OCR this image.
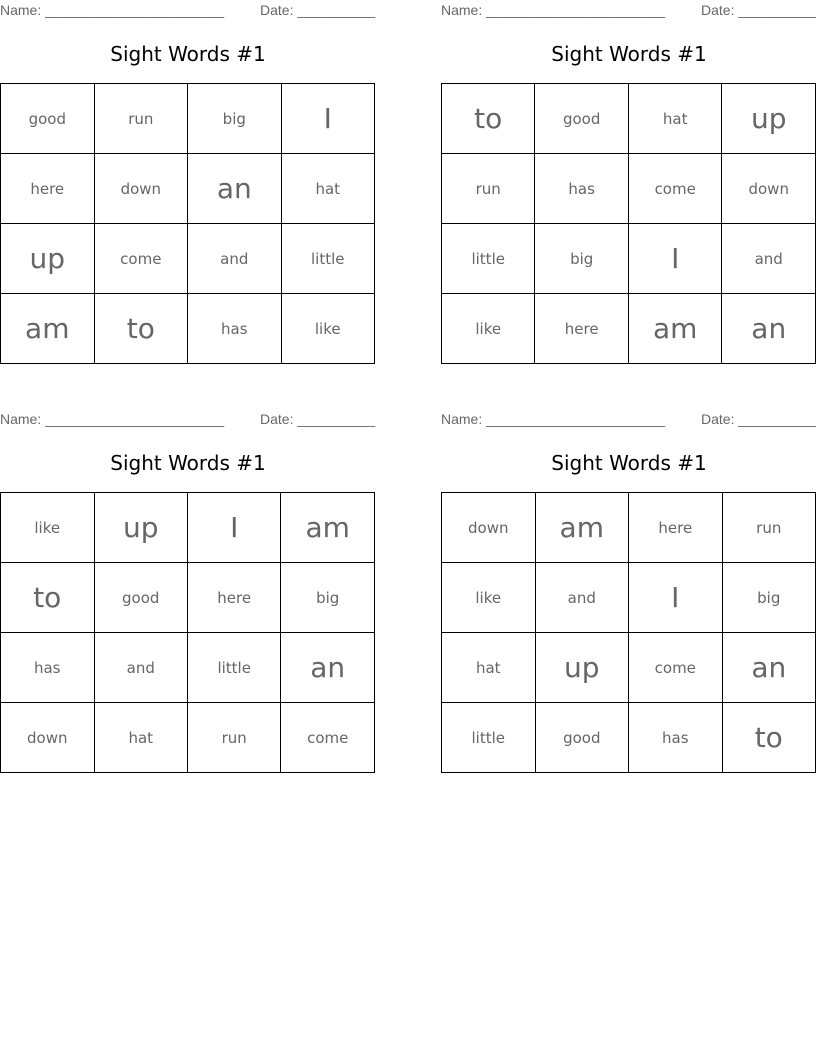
Name: _______________________	Date: __________
Sight Words #1
good	run	big	I
here	down	an	hat
up	come	and	little
am	to	has	like
Name: _______________________	Date: __________
Sight Words #1
to	good	hat	up
run	has	come	down
little	big	I	and
like	here	am	an
Name: _______________________	Date: __________
Sight Words #1
like	up	I	am
to	good	here	big
has	and	little	an
down	hat	run	come
Name: _______________________	Date: __________
Sight Words #1
down	am	here	run
like	and	I	big
hat	up	come	an
little	good	has	to
